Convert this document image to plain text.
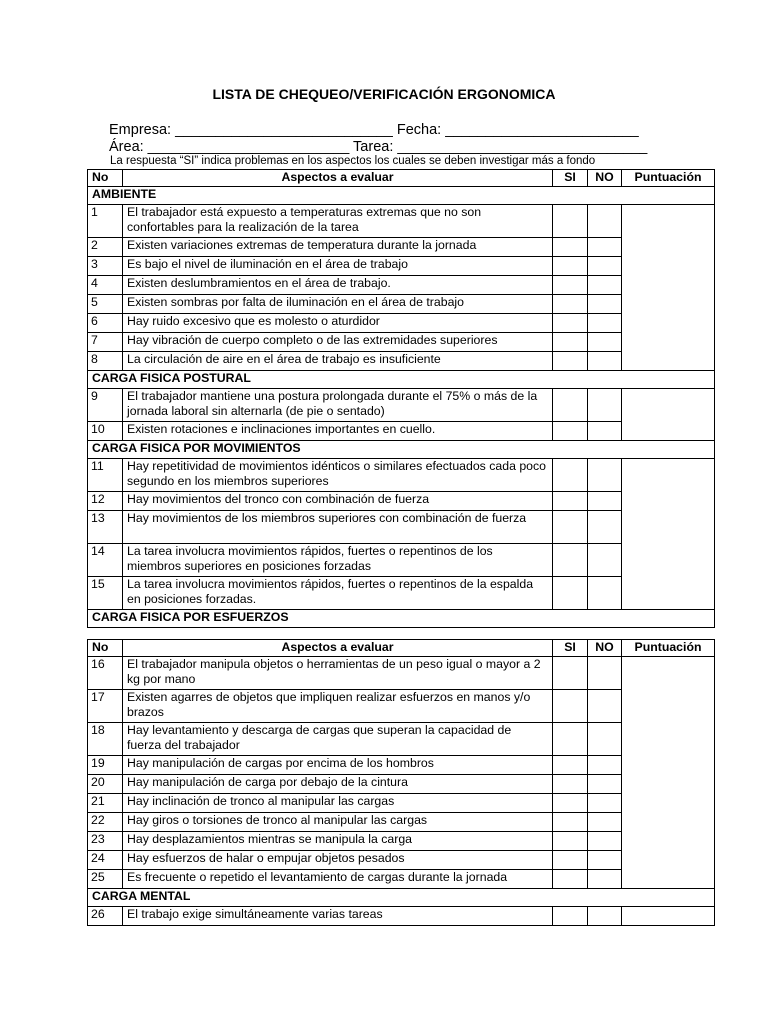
LISTA DE CHEQUEO/VERIFICACIÓN ERGONOMICA
Empresa: ___________________________ Fecha: ________________________
Área: _________________________ Tarea: _______________________________
La respuesta “SI” indica problemas en los aspectos los cuales se deben investigar más a fondo
No	Aspectos a evaluar	SI	NO	Puntuación
AMBIENTE				
1	El trabajador está expuesto a temperaturas extremas que no son confortables para la realización de la tarea			
2	Existen variaciones extremas de temperatura durante la jornada			
3	Es bajo el nivel de iluminación en el área de trabajo			
4	Existen deslumbramientos en el área de trabajo.			
5	Existen sombras por falta de iluminación en el área de trabajo			
6	Hay ruido excesivo que es molesto o aturdidor			
7	Hay vibración de cuerpo completo o de las extremidades superiores			
8	La circulación de aire en el área de trabajo es insuficiente			
CARGA FISICA POSTURAL				
9	El trabajador mantiene una postura prolongada durante el 75% o más de la jornada laboral sin alternarla (de pie o sentado)			
10	Existen rotaciones e inclinaciones importantes en cuello.			
CARGA FISICA POR MOVIMIENTOS				
11	Hay repetitividad de movimientos idénticos o similares efectuados cada poco segundo en los miembros superiores			
12	Hay movimientos del tronco con combinación de fuerza			
13	Hay movimientos de los miembros superiores con combinación de fuerza			
14	La tarea involucra movimientos rápidos, fuertes o repentinos de los miembros superiores en posiciones forzadas			
15	La tarea involucra movimientos rápidos, fuertes o repentinos de la espalda en posiciones forzadas.			
CARGA FISICA POR ESFUERZOS				
No	Aspectos a evaluar	SI	NO	Puntuación
16	El trabajador manipula objetos o herramientas de un peso igual o mayor a 2 kg por mano			
17	Existen agarres de objetos que impliquen realizar esfuerzos en manos y/o brazos			
18	Hay levantamiento y descarga de cargas que superan la capacidad de fuerza del trabajador			
19	Hay manipulación de cargas por encima de los hombros			
20	Hay manipulación de carga por debajo de la cintura			
21	Hay inclinación de tronco al manipular las cargas			
22	Hay giros o torsiones de tronco al manipular las cargas			
23	Hay desplazamientos mientras se manipula la carga			
24	Hay esfuerzos de halar o empujar objetos pesados			
25	Es frecuente o repetido el levantamiento de cargas durante la jornada			
CARGA MENTAL				
26	El trabajo exige simultáneamente varias tareas			
